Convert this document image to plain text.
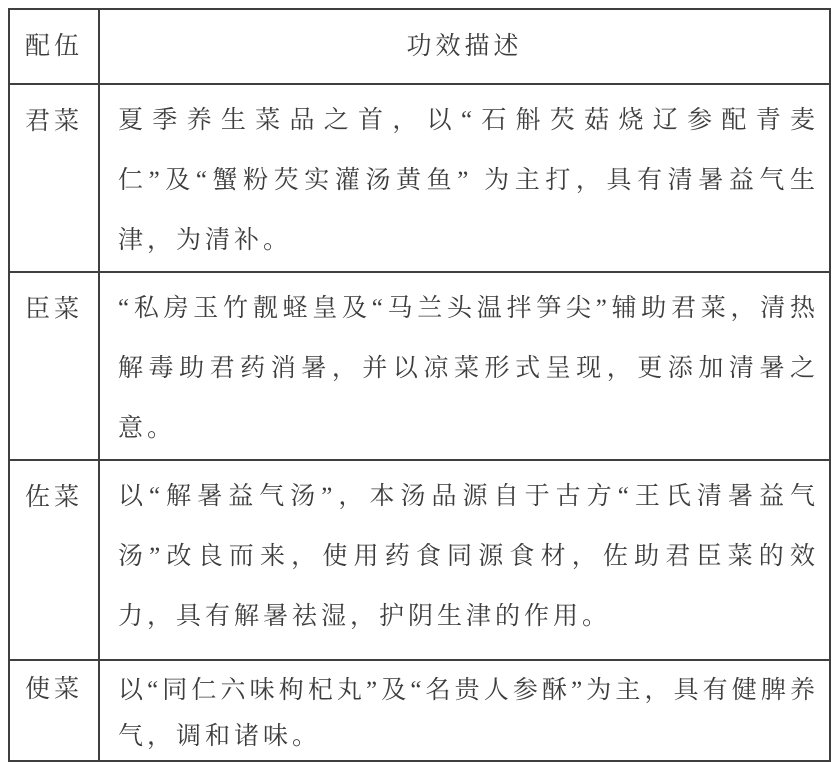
配伍	功效描述
君菜	夏季养生菜品之首，以“石斛芡菇烧辽参配青麦仁”及“蟹粉芡实灌汤黄鱼” 为主打，具有清暑益气生津，为清补。
臣菜	“私房玉竹靓蛏皇及“马兰头温拌笋尖”辅助君菜，清热解毒助君药消暑，并以凉菜形式呈现，更添加清暑之意。
佐菜	以“解暑益气汤”，本汤品源自于古方“王氏清暑益气汤”改良而来，使用药食同源食材，佐助君臣菜的效力，具有解暑祛湿，护阴生津的作用。
使菜	以“同仁六味枸杞丸”及“名贵人参酥”为主，具有健脾养气，调和诸味。
